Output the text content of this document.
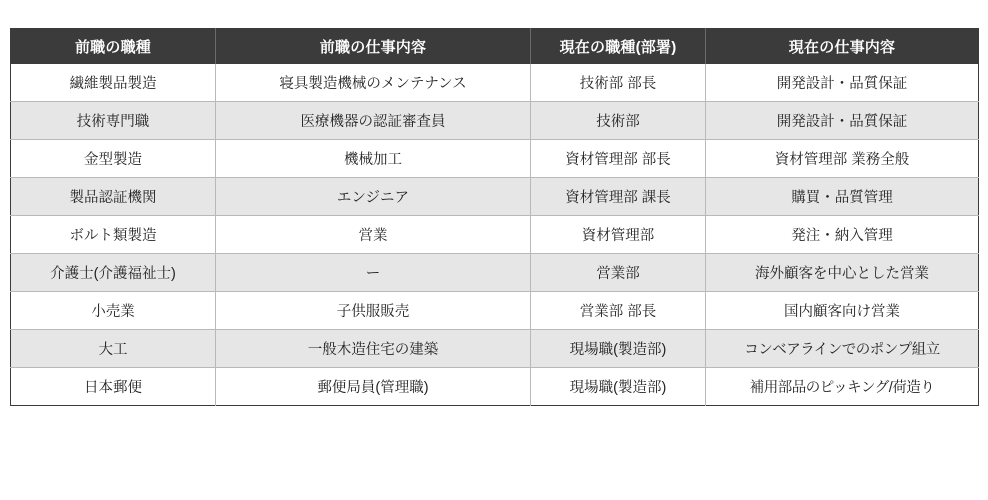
前職の職種	前職の仕事内容	現在の職種(部署)	現在の仕事内容
繊維製品製造	寝具製造機械のメンテナンス	技術部 部長	開発設計・品質保証
技術専門職	医療機器の認証審査員	技術部	開発設計・品質保証
金型製造	機械加工	資材管理部 部長	資材管理部 業務全般
製品認証機関	エンジニア	資材管理部 課長	購買・品質管理
ボルト類製造	営業	資材管理部	発注・納入管理
介護士(介護福祉士)	ー	営業部	海外顧客を中心とした営業
小売業	子供服販売	営業部 部長	国内顧客向け営業
大工	一般木造住宅の建築	現場職(製造部)	コンベアラインでのポンプ組立
日本郵便	郵便局員(管理職)	現場職(製造部)	補用部品のピッキング/荷造り
